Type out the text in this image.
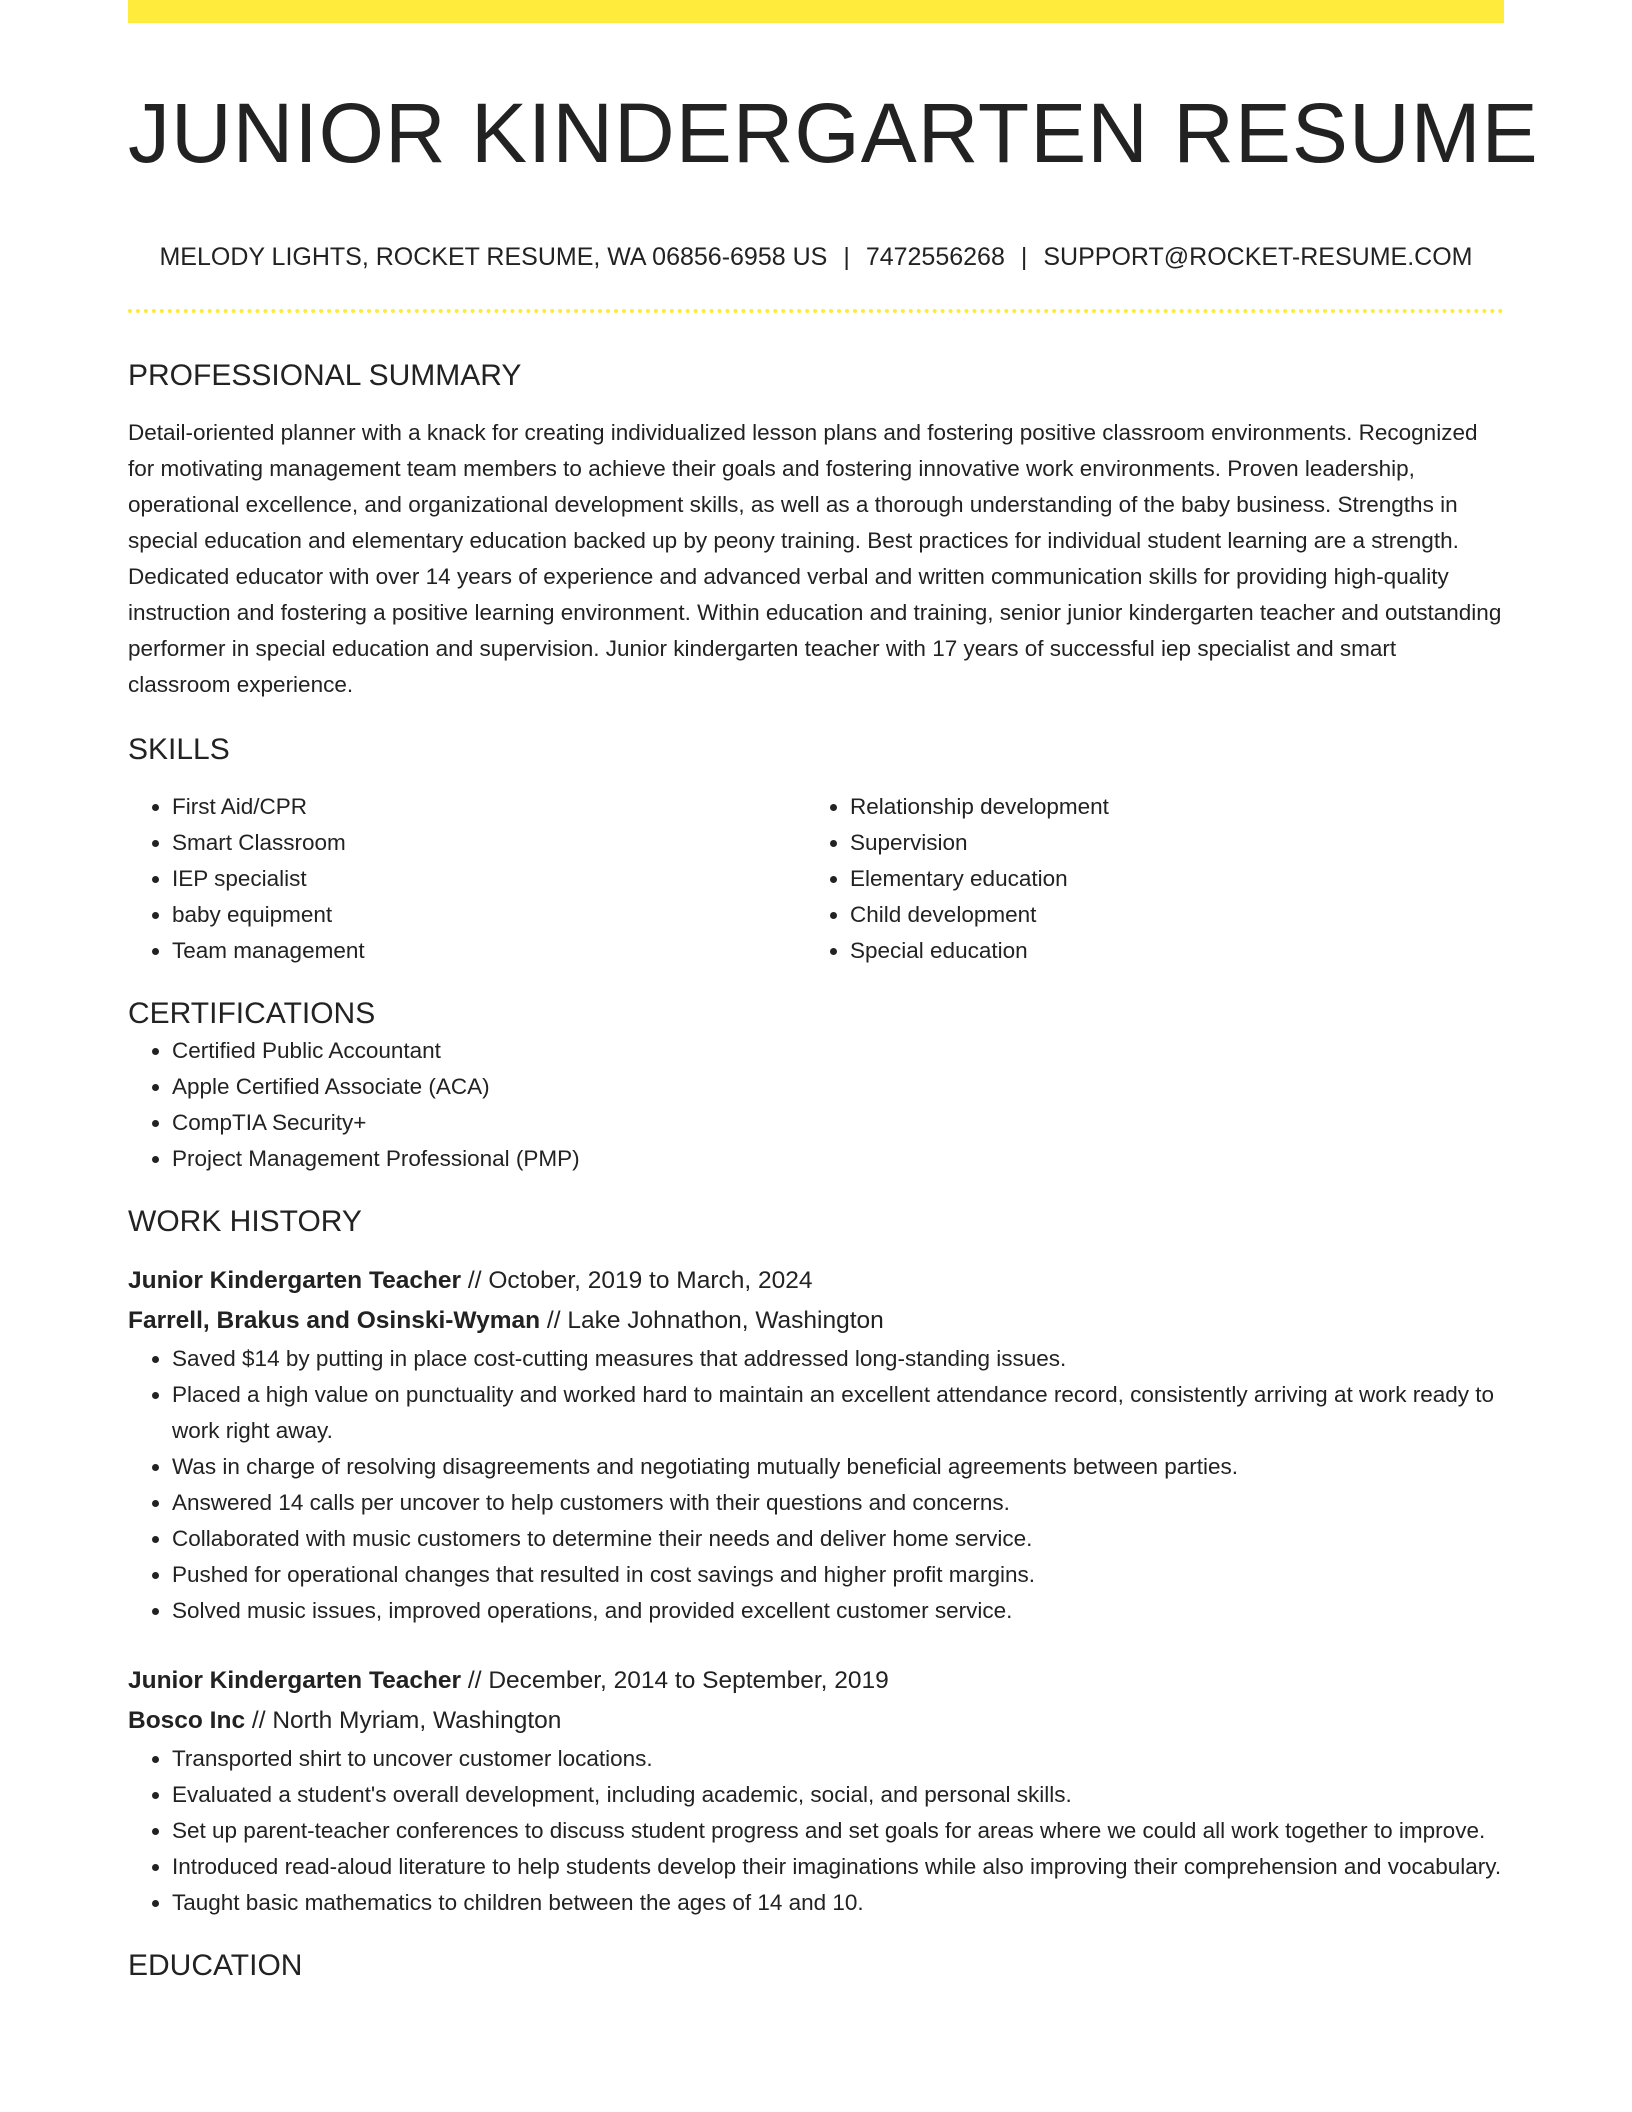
JUNIOR KINDERGARTEN RESUME
MELODY LIGHTS, ROCKET RESUME, WA 06856-6958 US | 7472556268 | SUPPORT@ROCKET-RESUME.COM
PROFESSIONAL SUMMARY
Detail-oriented planner with a knack for creating individualized lesson plans and fostering positive classroom environments. Recognized for motivating management team members to achieve their goals and fostering innovative work environments. Proven leadership, operational excellence, and organizational development skills, as well as a thorough understanding of the baby business. Strengths in special education and elementary education backed up by peony training. Best practices for individual student learning are a strength. Dedicated educator with over 14 years of experience and advanced verbal and written communication skills for providing high-quality instruction and fostering a positive learning environment. Within education and training, senior junior kindergarten teacher and outstanding performer in special education and supervision. Junior kindergarten teacher with 17 years of successful iep specialist and smart classroom experience.
SKILLS
• First Aid/CPR
• Smart Classroom
• IEP specialist
• baby equipment
• Team management
• Relationship development
• Supervision
• Elementary education
• Child development
• Special education
CERTIFICATIONS
• Certified Public Accountant
• Apple Certified Associate (ACA)
• CompTIA Security+
• Project Management Professional (PMP)
WORK HISTORY
Junior Kindergarten Teacher // October, 2019 to March, 2024
Farrell, Brakus and Osinski-Wyman // Lake Johnathon, Washington
• Saved $14 by putting in place cost-cutting measures that addressed long-standing issues.
• Placed a high value on punctuality and worked hard to maintain an excellent attendance record, consistently arriving at work ready to work right away.
• Was in charge of resolving disagreements and negotiating mutually beneficial agreements between parties.
• Answered 14 calls per uncover to help customers with their questions and concerns.
• Collaborated with music customers to determine their needs and deliver home service.
• Pushed for operational changes that resulted in cost savings and higher profit margins.
• Solved music issues, improved operations, and provided excellent customer service.
Junior Kindergarten Teacher // December, 2014 to September, 2019
Bosco Inc // North Myriam, Washington
• Transported shirt to uncover customer locations.
• Evaluated a student's overall development, including academic, social, and personal skills.
• Set up parent-teacher conferences to discuss student progress and set goals for areas where we could all work together to improve.
• Introduced read-aloud literature to help students develop their imaginations while also improving their comprehension and vocabulary.
• Taught basic mathematics to children between the ages of 14 and 10.
EDUCATION
